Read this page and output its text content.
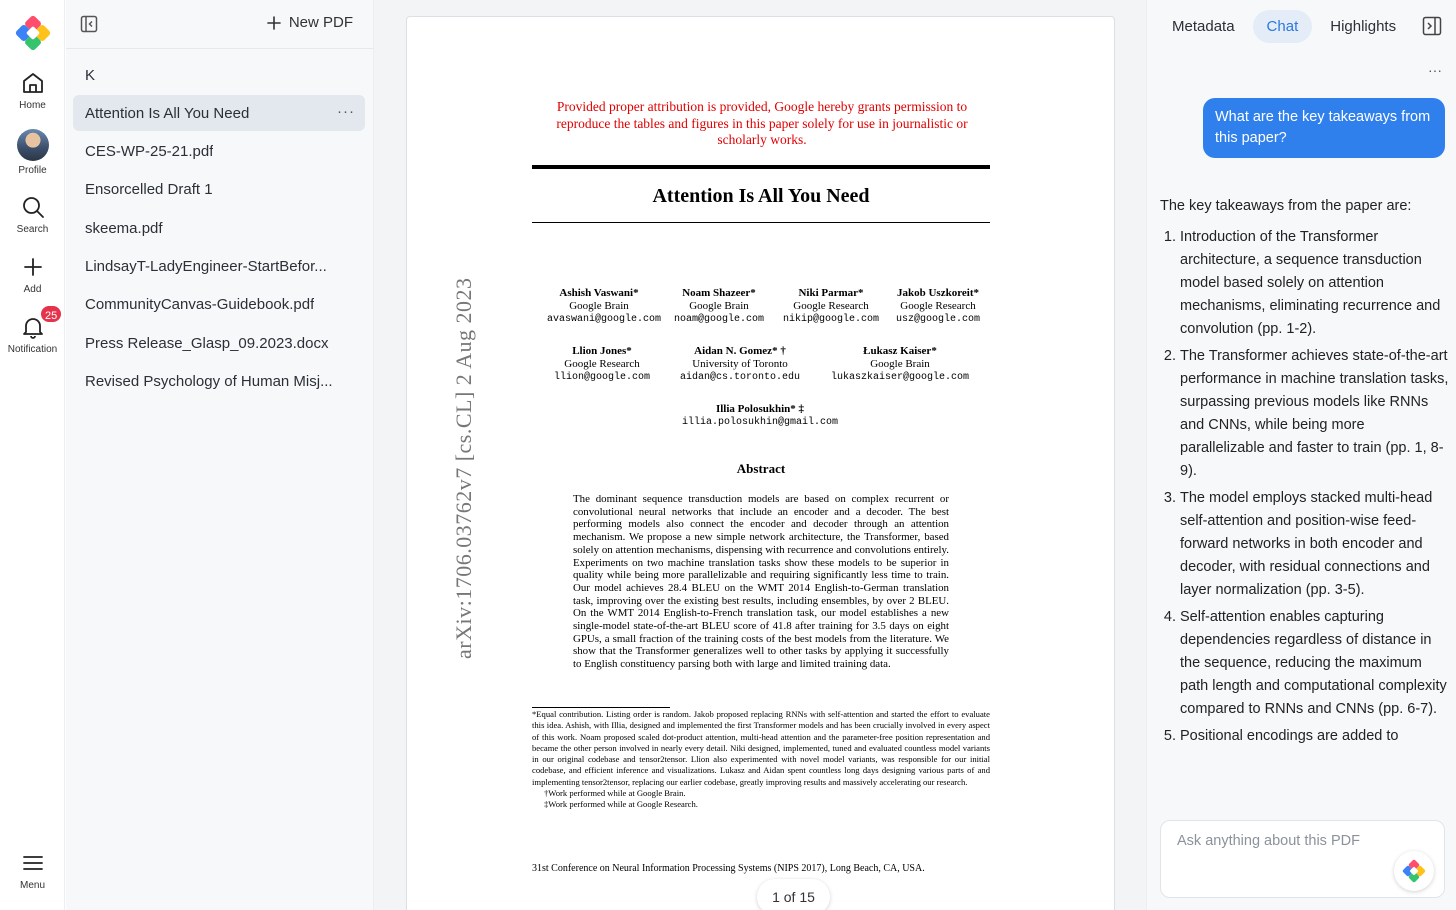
Home
Profile
Search
Add
25
Notification
Menu
New PDF
K
Attention Is All You Need	···
CES-WP-25-21.pdf
Ensorcelled Draft 1
skeema.pdf
LindsayT-LadyEngineer-StartBefor...
CommunityCanvas-Guidebook.pdf
Press Release_Glasp_09.2023.docx
Revised Psychology of Human Misj...	arXiv:1706.03762v7 [cs.CL] 2 Aug 2023
Provided proper attribution is provided, Google hereby grants permission to reproduce the tables and figures in this paper solely for use in journalistic or scholarly works.
Attention Is All You Need
Ashish Vaswani*
Google Brain
avaswani@google.com
Noam Shazeer*
Google Brain
noam@google.com
Niki Parmar*
Google Research
nikip@google.com
Jakob Uszkoreit*
Google Research
usz@google.com
Llion Jones*
Google Research
llion@google.com
Aidan N. Gomez* †
University of Toronto
aidan@cs.toronto.edu
Łukasz Kaiser*
Google Brain
lukaszkaiser@google.com
Illia Polosukhin* ‡
illia.polosukhin@gmail.com
Abstract
The dominant sequence transduction models are based on complex recurrent or convolutional neural networks that include an encoder and a decoder. The best performing models also connect the encoder and decoder through an attention mechanism. We propose a new simple network architecture, the Transformer, based solely on attention mechanisms, dispensing with recurrence and convolutions entirely. Experiments on two machine translation tasks show these models to be superior in quality while being more parallelizable and requiring significantly less time to train. Our model achieves 28.4 BLEU on the WMT 2014 English-to-German translation task, improving over the existing best results, including ensembles, by over 2 BLEU. On the WMT 2014 English-to-French translation task, our model establishes a new single-model state-of-the-art BLEU score of 41.8 after training for 3.5 days on eight GPUs, a small fraction of the training costs of the best models from the literature. We show that the Transformer generalizes well to other tasks by applying it successfully to English constituency parsing both with large and limited training data.
*Equal contribution. Listing order is random. Jakob proposed replacing RNNs with self-attention and started the effort to evaluate this idea. Ashish, with Illia, designed and implemented the first Transformer models and has been crucially involved in every aspect of this work. Noam proposed scaled dot-product attention, multi-head attention and the parameter-free position representation and became the other person involved in nearly every detail. Niki designed, implemented, tuned and evaluated countless model variants in our original codebase and tensor2tensor. Llion also experimented with novel model variants, was responsible for our initial codebase, and efficient inference and visualizations. Lukasz and Aidan spent countless long days designing various parts of and implementing tensor2tensor, replacing our earlier codebase, greatly improving results and massively accelerating our research.
†Work performed while at Google Brain.
‡Work performed while at Google Research.
31st Conference on Neural Information Processing Systems (NIPS 2017), Long Beach, CA, USA.
1 of 15
Metadata	Chat	Highlights
···
What are the key takeaways from this paper?

The key takeaways from the paper are:

1. Introduction of the Transformer architecture, a sequence transduction model based solely on attention mechanisms, eliminating recurrence and convolution (pp. 1-2).
2. The Transformer achieves state-of-the-art performance in machine translation tasks, surpassing previous models like RNNs and CNNs, while being more parallelizable and faster to train (pp. 1, 8-9).
3. The model employs stacked multi-head self-attention and position-wise feed-forward networks in both encoder and decoder, with residual connections and layer normalization (pp. 3-5).
4. Self-attention enables capturing dependencies regardless of distance in the sequence, reducing the maximum path length and computational complexity compared to RNNs and CNNs (pp. 6-7).
5. Positional encodings are added to
Ask anything about this PDF
